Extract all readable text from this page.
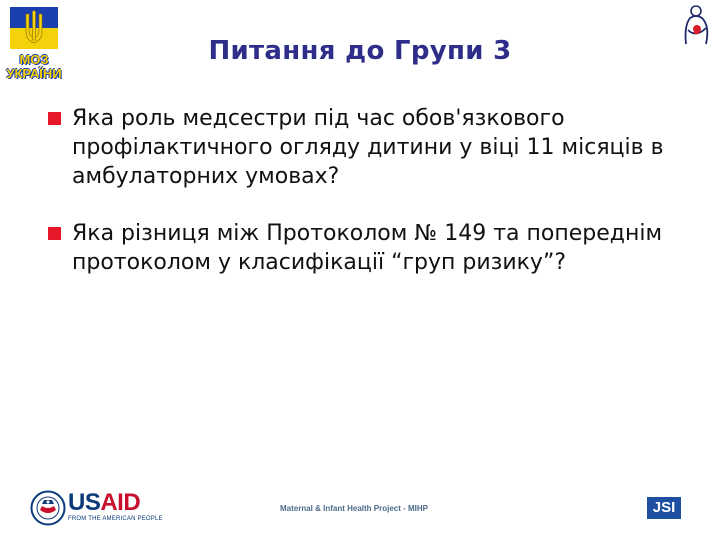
МОЗ
УКРАЇНИ
Питання до Групи 3
Яка роль медсестри під час обов'язкового профілактичного огляду дитини у віці 11 місяців в амбулаторних умовах?
Яка різниця між Протоколом № 149 та попереднім протоколом у класифікації “груп ризику”?
USAID
FROM THE AMERICAN PEOPLE
Maternal & Infant Health Project - MIHP	JSI
